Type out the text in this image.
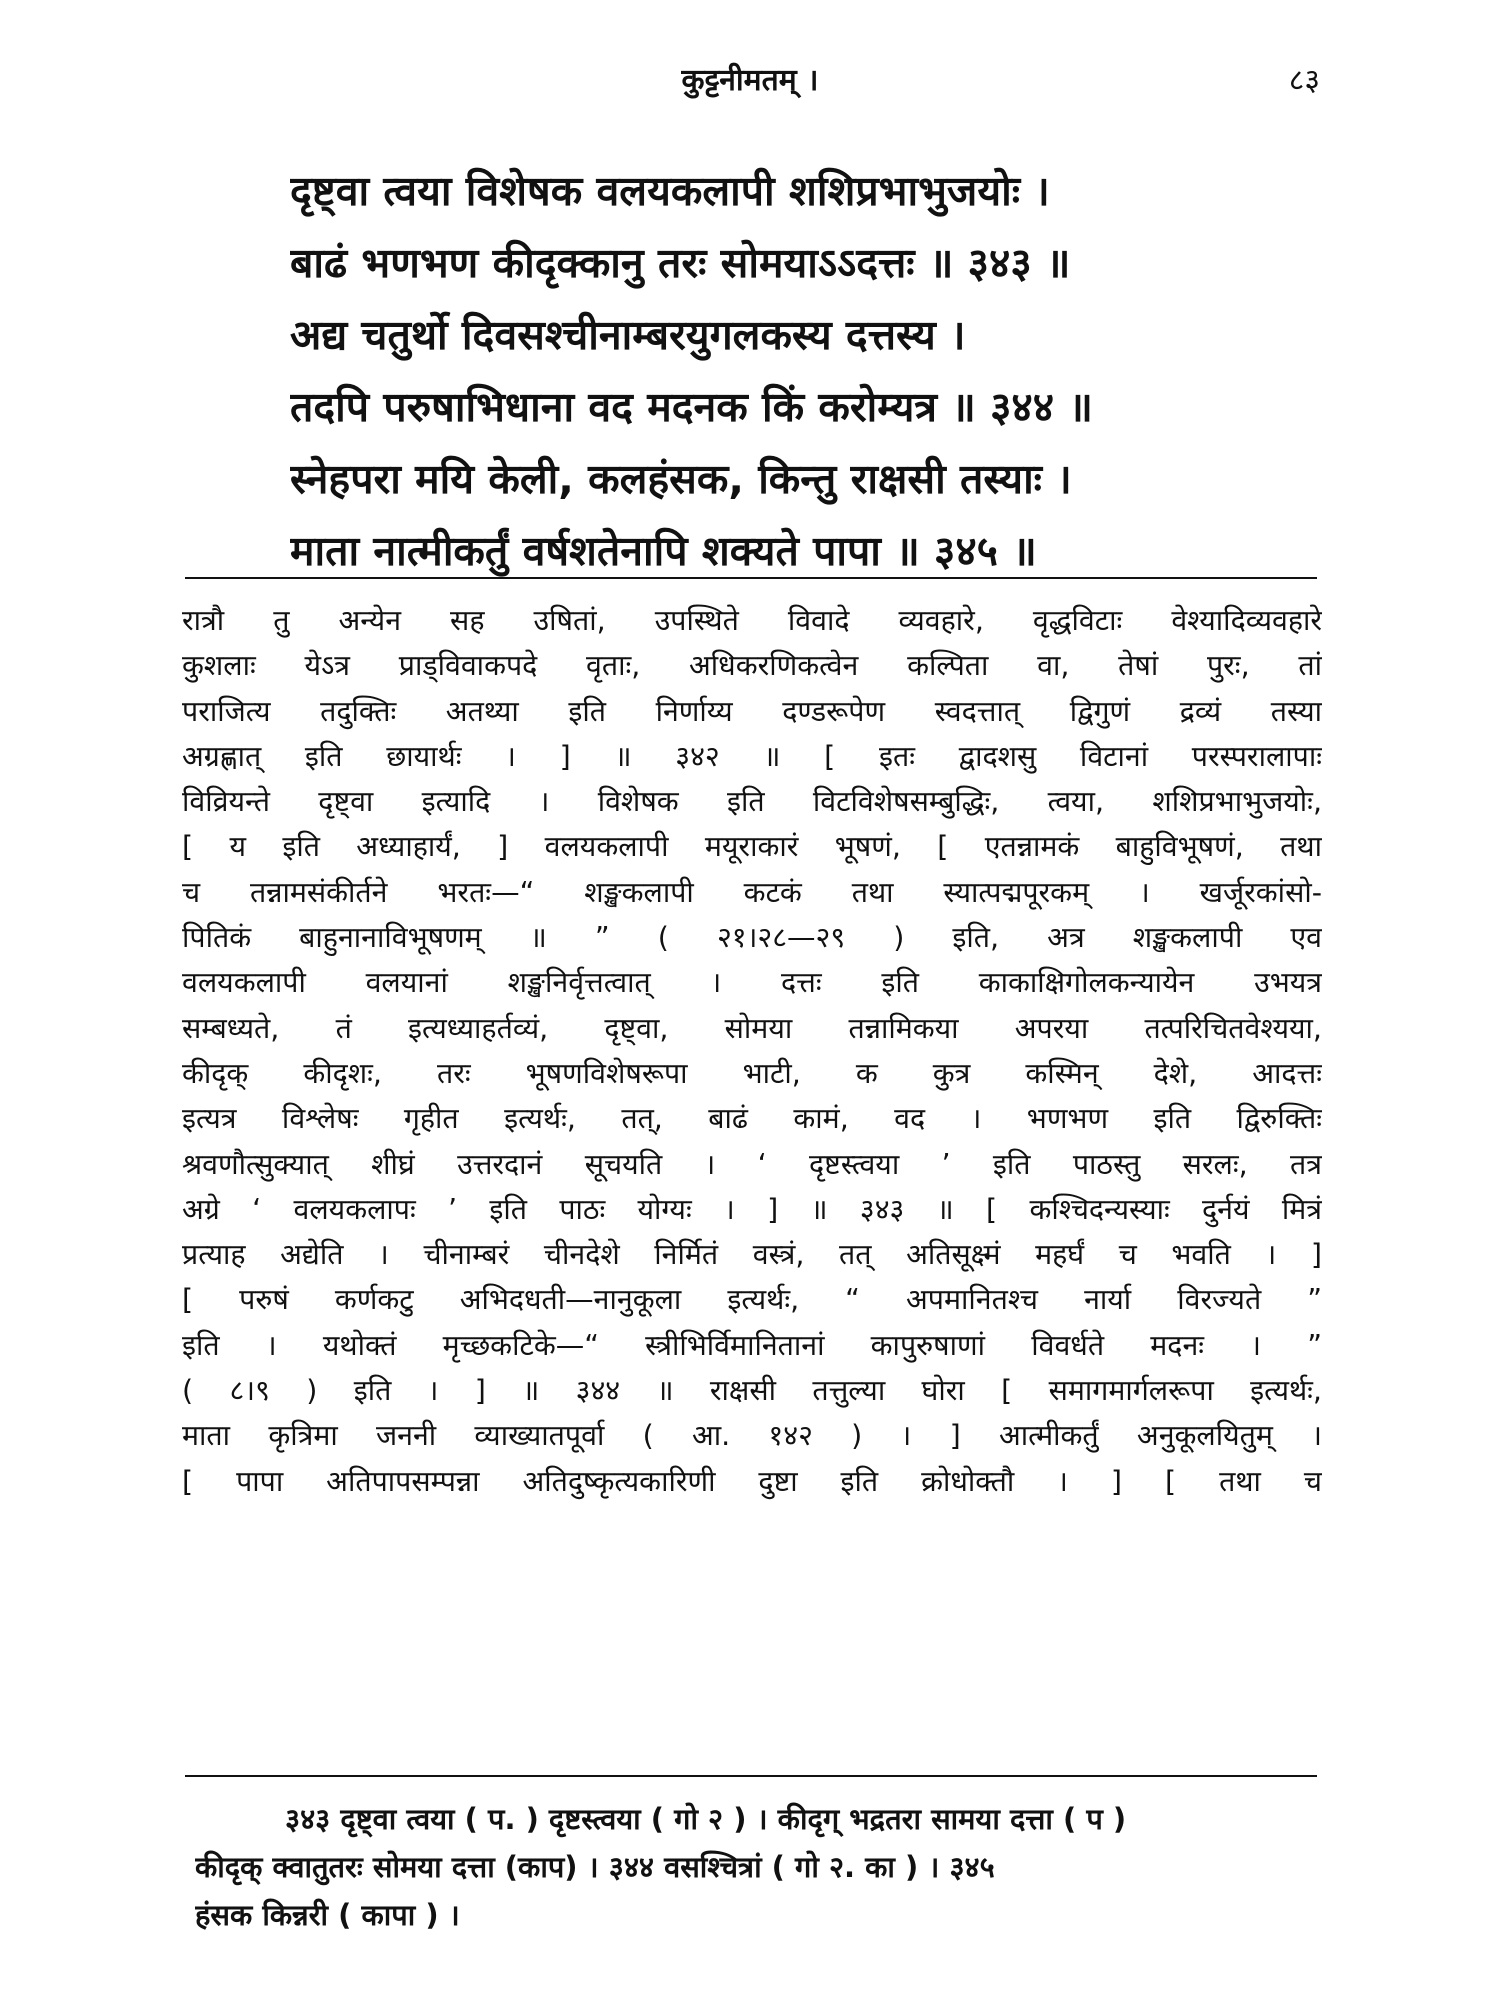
कुट्टनीमतम् ।	८३
दृष्ट्वा त्वया विशेषक वलयकलापी शशिप्रभाभुजयोः ।
बाढं भणभण कीदृक्कानु तरः सोमयाऽऽदत्तः ॥ ३४३ ॥
अद्य चतुर्थो दिवसश्चीनाम्बरयुगलकस्य दत्तस्य ।
तदपि परुषाभिधाना वद मदनक किं करोम्यत्र ॥ ३४४ ॥
स्नेहपरा मयि केली, कलहंसक, किन्तु राक्षसी तस्याः ।
माता नात्मीकर्तुं वर्षशतेनापि शक्यते पापा ॥ ३४५ ॥
रात्रौ तु अन्येन सह उषितां, उपस्थिते विवादे व्यवहारे, वृद्धविटाः वेश्यादिव्यवहारे
कुशलाः येऽत्र प्राड्विवाकपदे वृताः, अधिकरणिकत्वेन कल्पिता वा, तेषां पुरः, तां
पराजित्य तदुक्तिः अतथ्या इति निर्णाय्य दण्डरूपेण स्वदत्तात् द्विगुणं द्रव्यं तस्या
अग्रह्णात् इति छायार्थः । ] ॥ ३४२ ॥ [ इतः द्वादशसु विटानां परस्परालापाः
विव्रियन्ते दृष्ट्वा इत्यादि । विशेषक इति विटविशेषसम्बुद्धिः, त्वया, शशिप्रभाभुजयोः,
[ य इति अध्याहार्यं, ] वलयकलापी मयूराकारं भूषणं, [ एतन्नामकं बाहुविभूषणं, तथा
च तन्नामसंकीर्तने भरतः—“ शङ्खकलापी कटकं तथा स्यात्पद्मपूरकम् । खर्जूरकांसो-
पितिकं बाहुनानाविभूषणम् ॥ ” ( २१।२८—२९ ) इति, अत्र शङ्खकलापी एव
वलयकलापी वलयानां शङ्खनिर्वृत्तत्वात् । दत्तः इति काकाक्षिगोलकन्यायेन उभयत्र
सम्बध्यते, तं इत्यध्याहर्तव्यं, दृष्ट्वा, सोमया तन्नामिकया अपरया तत्परिचितवेश्यया,
कीदृक् कीदृशः, तरः भूषणविशेषरूपा भाटी, क कुत्र कस्मिन् देशे, आदत्तः
इत्यत्र विश्लेषः गृहीत इत्यर्थः, तत्, बाढं कामं, वद । भणभण इति द्विरुक्तिः
श्रवणौत्सुक्यात् शीघ्रं उत्तरदानं सूचयति । ‘ दृष्टस्त्वया ’ इति पाठस्तु सरलः, तत्र
अग्रे ‘ वलयकलापः ’ इति पाठः योग्यः । ] ॥ ३४३ ॥ [ कश्चिदन्यस्याः दुर्नयं मित्रं
प्रत्याह अद्येति । चीनाम्बरं चीनदेशे निर्मितं वस्त्रं, तत् अतिसूक्ष्मं महर्घं च भवति । ]
[ परुषं कर्णकटु अभिदधती—नानुकूला इत्यर्थः, “ अपमानितश्च नार्या विरज्यते ”
इति । यथोक्तं मृच्छकटिके—“ स्त्रीभिर्विमानितानां कापुरुषाणां विवर्धते मदनः । ”
( ८।९ ) इति । ] ॥ ३४४ ॥ राक्षसी तत्तुल्या घोरा [ समागमार्गलरूपा इत्यर्थः,
माता कृत्रिमा जननी व्याख्यातपूर्वा ( आ. १४२ ) । ] आत्मीकर्तुं अनुकूलयितुम् ।
[ पापा अतिपापसम्पन्ना अतिदुष्कृत्यकारिणी दुष्टा इति क्रोधोक्तौ । ] [ तथा च
३४३ दृष्ट्वा त्वया ( प. ) दृष्टस्त्वया ( गो २ ) । कीदृग् भद्रतरा सामया दत्ता ( प )
कीदृक् क्वातुतरः सोमया दत्ता (काप) । ३४४ वसश्चित्रां ( गो २. का ) । ३४५
हंसक किन्नरी ( कापा ) ।
